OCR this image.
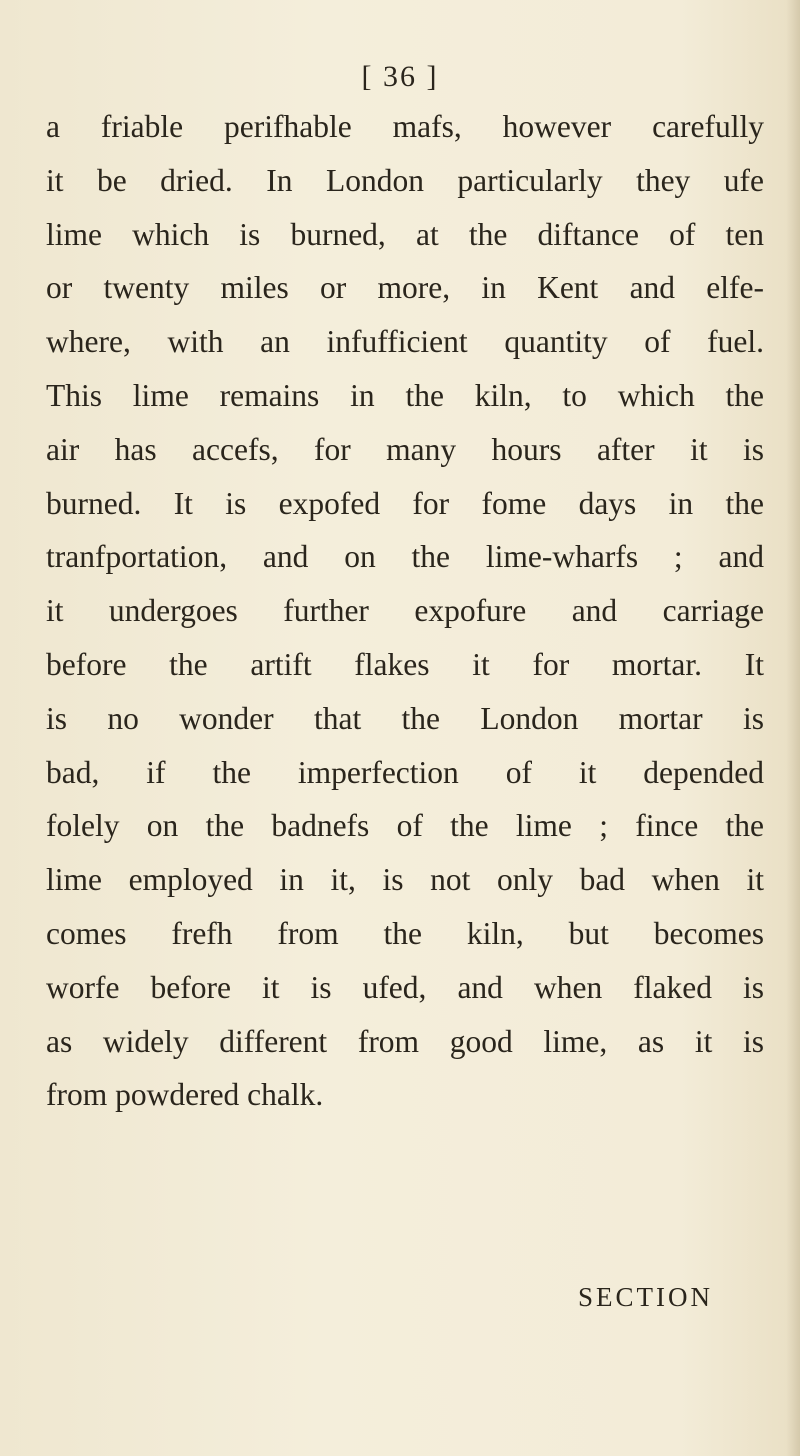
[ 36 ]
a friable perifhable mafs, however carefully
it be dried. In London particularly they ufe
lime which is burned, at the diftance of ten
or twenty miles or more, in Kent and elfe-
where, with an infufficient quantity of fuel.
This lime remains in the kiln, to which the
air has accefs, for many hours after it is
burned. It is expofed for fome days in the
tranfportation, and on the lime-wharfs ; and
it undergoes further expofure and carriage
before the artift flakes it for mortar. It
is no wonder that the London mortar is
bad, if the imperfection of it depended
folely on the badnefs of the lime ; fince the
lime employed in it, is not only bad when it
comes frefh from the kiln, but becomes
worfe before it is ufed, and when flaked is
as widely different from good lime, as it is
from powdered chalk.
SECTION
